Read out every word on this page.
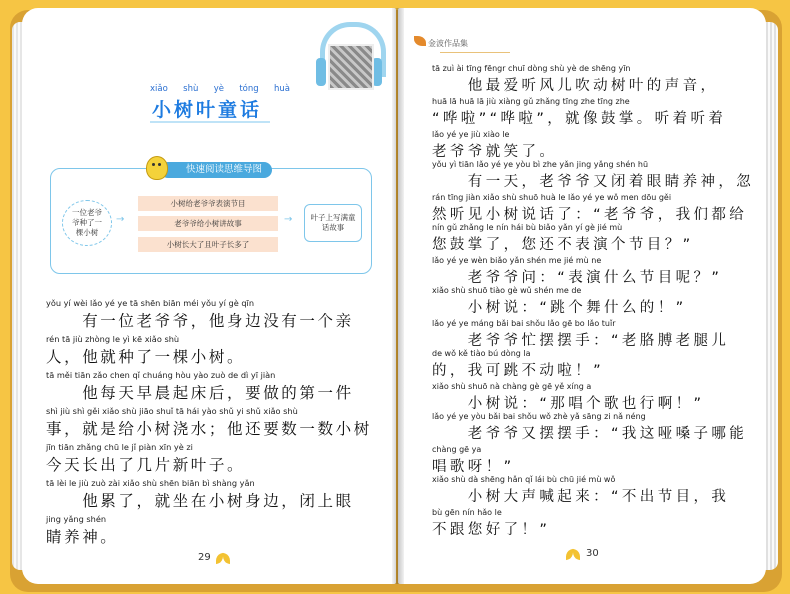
xiǎo shù yè tóng huà
小树叶童话
快速阅读思维导图
一位老爷
爷种了一
棵小树
→
小树给老爷爷表演节目
老爷爷给小树讲故事
小树长大了且叶子长多了
→ 叶子上写满童
话故事
yǒu yí wèi lǎo yé ye tā shēn biān méi yǒu yí gè qīn
　　有一位老爷爷，他身边没有一个亲
rén tā jiù zhòng le yì kē xiǎo shù
人，他就种了一棵小树。
tā měi tiān zǎo chen qǐ chuáng hòu yào zuò de dì yī jiàn
　　他每天早晨起床后，要做的第一件
shì jiù shì gěi xiǎo shù jiāo shuǐ tā hái yào shǔ yi shǔ xiǎo shù
事，就是给小树浇水；他还要数一数小树
jīn tiān zhǎng chū le jǐ piàn xīn yè zi
今天长出了几片新叶子。
tā lèi le jiù zuò zài xiǎo shù shēn biān bì shàng yǎn
　　他累了，就坐在小树身边，闭上眼
jing yǎng shén
睛养神。
29
金波作品集
tā zuì ài tīng fēngr chuī dòng shù yè de shēng yīn
　　他最爱听风儿吹动树叶的声音，
huā lā huā lā jiù xiàng gǔ zhǎng tīng zhe tīng zhe
“哗啦”“哗啦”，就像鼓掌。听着听着
lǎo yé ye jiù xiào le
老爷爷就笑了。
yǒu yì tiān lǎo yé ye yòu bì zhe yǎn jing yǎng shén hū
　　有一天，老爷爷又闭着眼睛养神，忽
rán tīng jiàn xiǎo shù shuō huà le lǎo yé ye wǒ men dōu gěi
然听见小树说话了：“老爷爷，我们都给
nín gǔ zhǎng le nín hái bù biǎo yǎn yí gè jié mù
您鼓掌了，您还不表演个节目？”
lǎo yé ye wèn biǎo yǎn shén me jié mù ne
　　老爷爷问：“表演什么节目呢？”
xiǎo shù shuō tiào gè wǔ shén me de
　　小树说：“跳个舞什么的！”
lǎo yé ye máng bǎi bai shǒu lǎo gē bo lǎo tuǐr
　　老爷爷忙摆摆手：“老胳膊老腿儿
de wǒ kě tiào bú dòng la
的，我可跳不动啦！”
xiǎo shù shuō nà chàng gè gē yě xíng a
　　小树说：“那唱个歌也行啊！”
lǎo yé ye yòu bǎi bai shǒu wǒ zhè yǎ săng zi nǎ néng
　　老爷爷又摆摆手：“我这哑嗓子哪能
chàng gē ya
唱歌呀！”
xiǎo shù dà shēng hǎn qǐ lái bù chū jié mù wǒ
　　小树大声喊起来：“不出节目，我
bù gēn nín hǎo le
不跟您好了！”
30
